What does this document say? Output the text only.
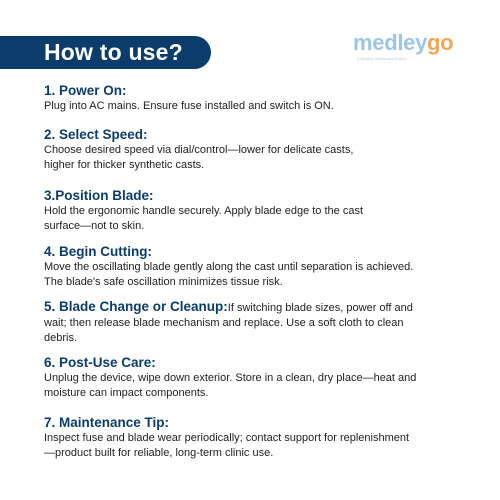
How to use?	medleygo
A Medley Healthcare Brand
1. Power On:
Plug into AC mains. Ensure fuse installed and switch is ON.
2. Select Speed:
Choose desired speed via dial/control—lower for delicate casts, higher for thicker synthetic casts.
3.Position Blade:
Hold the ergonomic handle securely. Apply blade edge to the cast surface—not to skin.
4. Begin Cutting:
Move the oscillating blade gently along the cast until separation is achieved. The blade's safe oscillation minimizes tissue risk.
5. Blade Change or Cleanup:If switching blade sizes, power off and wait; then release blade mechanism and replace. Use a soft cloth to clean debris.
6. Post-Use Care:
Unplug the device, wipe down exterior. Store in a clean, dry place—heat and moisture can impact components.
7. Maintenance Tip:
Inspect fuse and blade wear periodically; contact support for replenishment—product built for reliable, long-term clinic use.
